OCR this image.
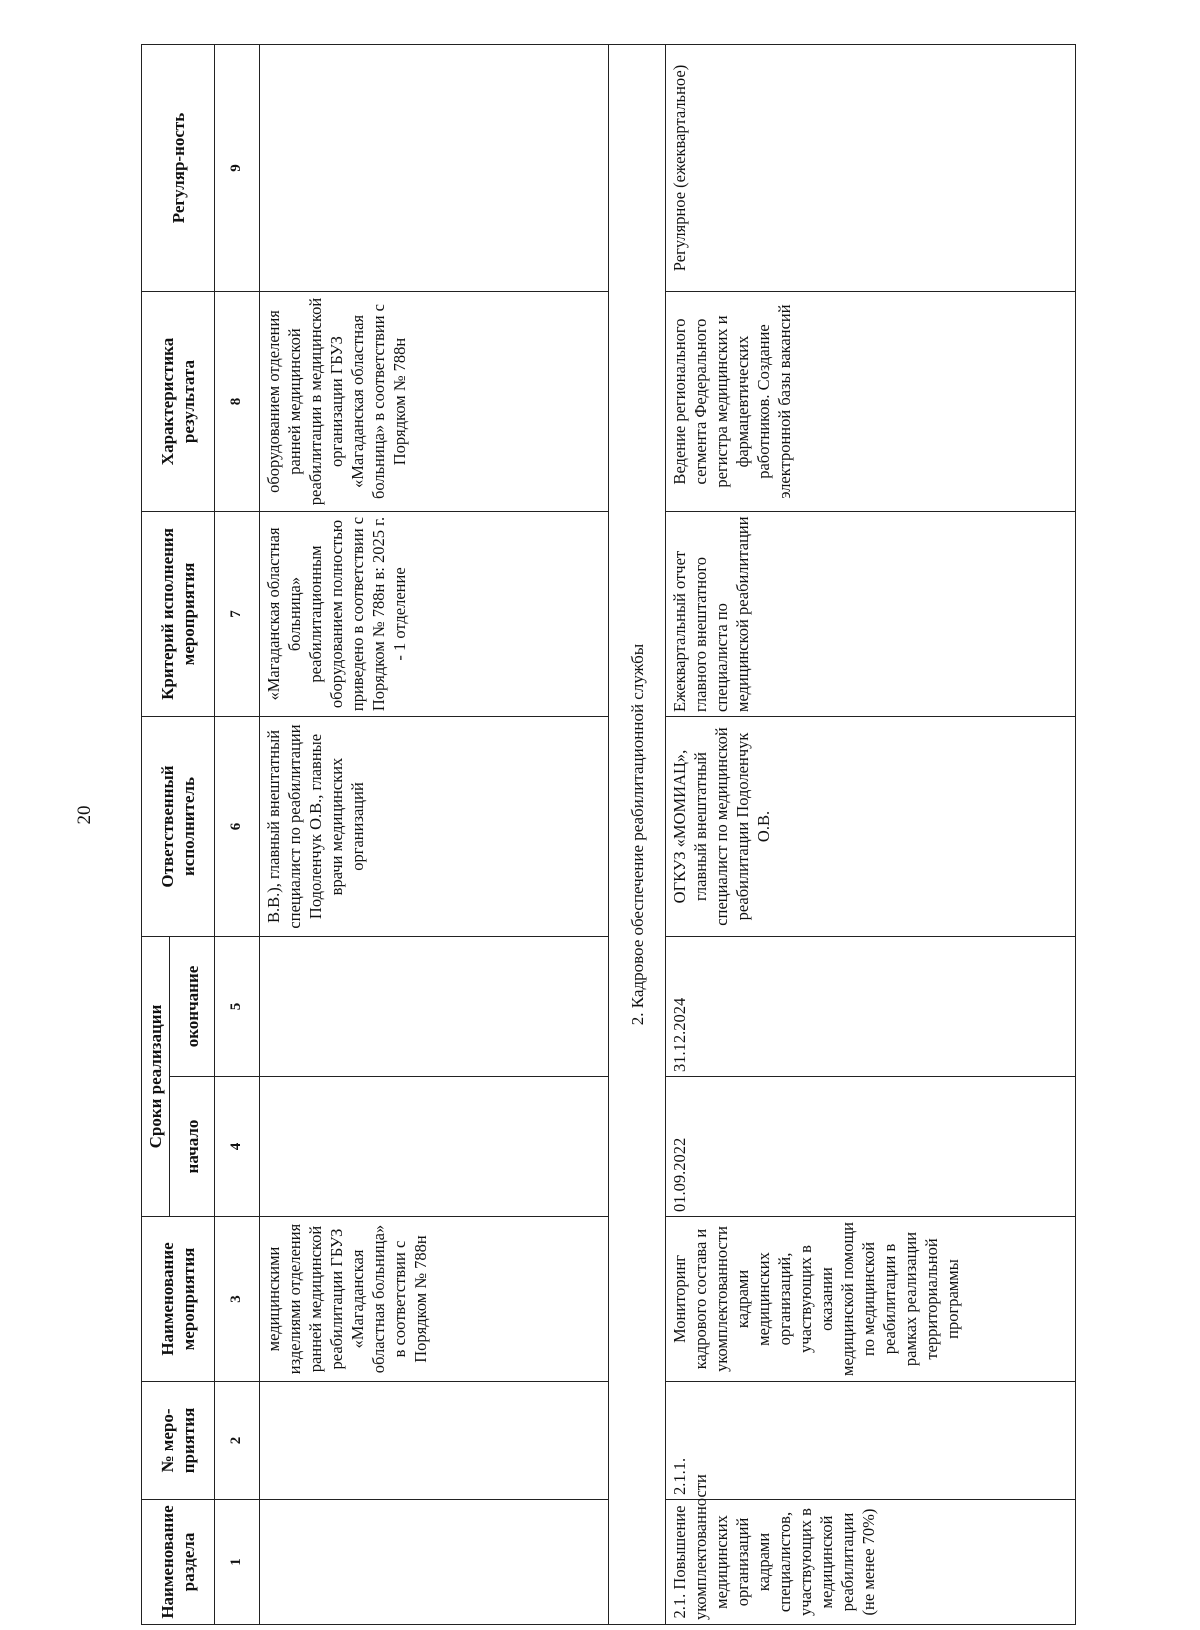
20
Наименование раздела	№ меро-приятия	Наименование мероприятия	Сроки реализации		Ответственный исполнитель	Критерий исполнения мероприятия	Характеристика результата	Регуляр-ность
			начало	окончание				
1	2	3	4	5	6	7	8	9
		медицинскими изделиями отделения ранней медицинской реабилитации ГБУЗ «Магаданская областная больница» в соответствии с Порядком № 788н			В.В.), главный внештатный специалист по реабилитации Подоленчук О.В., главные врачи медицинских организаций	«Магаданская областная больница» реабилитационным оборудованием полностью приведено в соответствии с Порядком № 788н в: 2025 г. - 1 отделение	оборудованием отделения ранней медицинской реабилитации в медицинской организации ГБУЗ «Магаданская областная больница» в соответствии с Порядком № 788н	
2. Кадровое обеспечение реабилитационной службы								
2.1. Повышение укомплектованности медицинских организаций кадрами специалистов, участвующих в медицинской реабилитации (не менее 70%)	2.1.1.	Мониторинг кадрового состава и укомплектованности кадрами медицинских организаций, участвующих в оказании медицинской помощи по медицинской реабилитации в рамках реализации территориальной программы	01.09.2022	31.12.2024	ОГКУЗ «МОМИАЦ», главный внештатный специалист по медицинской реабилитации Подоленчук О.В.	Ежеквартальный отчет главного внештатного специалиста по медицинской реабилитации	Ведение регионального сегмента Федерального регистра медицинских и фармацевтических работников. Создание электронной базы вакансий	Регулярное (ежеквартальное)
